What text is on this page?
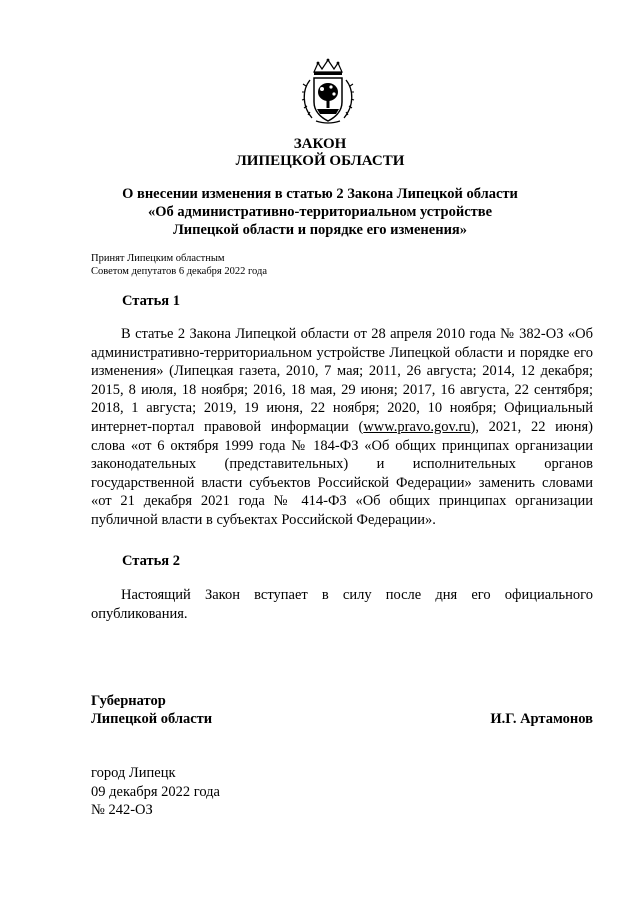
ЗАКОН
ЛИПЕЦКОЙ ОБЛАСТИ
О внесении изменения в статью 2 Закона Липецкой области
«Об административно-территориальном устройстве
Липецкой области и порядке его изменения»
Принят Липецким областным
Советом депутатов 6 декабря 2022 года
Статья 1
В статье 2 Закона Липецкой области от 28 апреля 2010 года № 382-ОЗ «Об административно-территориальном устройстве Липецкой области и порядке его изменения» (Липецкая газета, 2010, 7 мая; 2011, 26 августа; 2014, 12 декабря; 2015, 8 июля, 18 ноября; 2016, 18 мая, 29 июня; 2017, 16 августа, 22 сентября; 2018, 1 августа; 2019, 19 июня, 22 ноября; 2020, 10 ноября; Официальный интернет-портал правовой информации (www.pravo.gov.ru), 2021, 22 июня) слова «от 6 октября 1999 года № 184-ФЗ «Об общих принципах организации законодательных (представительных) и исполнительных органов государственной власти субъектов Российской Федерации» заменить словами «от 21 декабря 2021 года № 414-ФЗ «Об общих принципах организации публичной власти в субъектах Российской Федерации».
Статья 2
Настоящий Закон вступает в силу после дня его официального опубликования.
Губернатор
Липецкой области	И.Г. Артамонов
город Липецк
09 декабря 2022 года
№ 242-ОЗ
